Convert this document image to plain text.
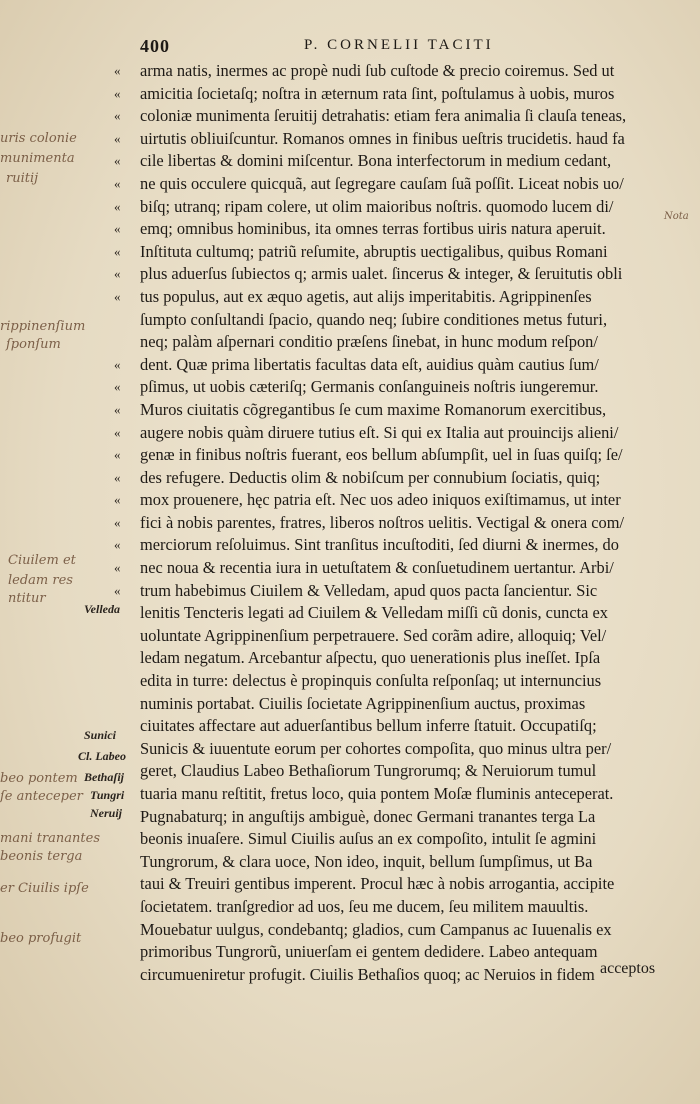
400	P. CORNELII TACITI
« arma natis, inermes ac propè nudi ſub cuſtode & precio coiremus. Sed ut
« amicitia ſocietaſq; noſtra in æternum rata ſint, poſtulamus à uobis, muros
« coloniæ munimenta ſeruitij detrahatis: etiam fera animalia ſi clauſa teneas,
« uirtutis obliuiſcuntur. Romanos omnes in finibus ueſtris trucidetis. haud fa
« cile libertas & domini miſcentur. Bona interfectorum in medium cedant,
« ne quis occulere quicquã, aut ſegregare cauſam ſuã poſſit. Liceat nobis uo/
« biſq; utranq; ripam colere, ut olim maioribus noſtris. quomodo lucem di/
« emq; omnibus hominibus, ita omnes terras fortibus uiris natura aperuit.
« Inſtituta cultumq; patriũ reſumite, abruptis uectigalibus, quibus Romani
« plus aduerſus ſubiectos q; armis ualet. ſincerus & integer, & ſeruitutis obli
« tus populus, aut ex æquo agetis, aut alijs imperitabitis. Agrippinenſes
ſumpto conſultandi ſpacio, quando neq; ſubire conditiones metus futuri,
neq; palàm aſpernari conditio præſens ſinebat, in hunc modum reſpon/
« dent. Quæ prima libertatis facultas data eſt, auidius quàm cautius ſum/
« pſimus, ut uobis cæteriſq; Germanis conſanguineis noſtris iungeremur.
« Muros ciuitatis cõgregantibus ſe cum maxime Romanorum exercitibus,
« augere nobis quàm diruere tutius eſt. Si qui ex Italia aut prouincijs alieni/
« genæ in finibus noſtris fuerant, eos bellum abſumpſit, uel in ſuas quiſq; ſe/
« des refugere. Deductis olim & nobiſcum per connubium ſociatis, quiq;
« mox prouenere, hęc patria eſt. Nec uos adeo iniquos exiſtimamus, ut inter
« fici à nobis parentes, fratres, liberos noſtros uelitis. Vectigal & onera com/
« merciorum reſoluimus. Sint tranſitus incuſtoditi, ſed diurni & inermes, do
« nec noua & recentia iura in uetuſtatem & conſuetudinem uertantur. Arbi/
« trum habebimus Ciuilem & Velledam, apud quos pacta ſancientur. Sic
lenitis Tencteris legati ad Ciuilem & Velledam miſſi cũ donis, cuncta ex
uoluntate Agrippinenſium perpetrauere. Sed corãm adire, alloquiq; Vel/
ledam negatum. Arcebantur aſpectu, quo uenerationis plus ineſſet. Ipſa
edita in turre: delectus è propinquis conſulta reſponſaq; ut internuncius
numinis portabat. Ciuilis ſocietate Agrippinenſium auctus, proximas
ciuitates affectare aut aduerſantibus bellum inferre ſtatuit. Occupatiſq;
Sunicis & iuuentute eorum per cohortes compoſita, quo minus ultra per/
geret, Claudius Labeo Bethaſiorum Tungrorumq; & Neruiorum tumul
tuaria manu reſtitit, fretus loco, quia pontem Moſæ fluminis anteceperat.
Pugnabaturq; in anguſtijs ambiguè, donec Germani tranantes terga La
beonis inuaſere. Simul Ciuilis auſus an ex compoſito, intulit ſe agmini
Tungrorum, & clara uoce, Non ideo, inquit, bellum ſumpſimus, ut Ba
taui & Treuiri gentibus imperent. Procul hæc à nobis arrogantia, accipite
ſocietatem. tranſgredior ad uos, ſeu me ducem, ſeu militem mauultis.
Mouebatur uulgus, condebantq; gladios, cum Campanus ac Iuuenalis ex
primoribus Tungrorũ, uniuerſam ei gentem dedidere. Labeo antequam
circumueniretur profugit. Ciuilis Bethaſios quoq; ac Neruios in fidem
Velleda
Sunici
Cl. Labeo
Bethaſij
Tungri
Neruij
uris colonie
munimenta
ruitij
Nota
rippinenſium
ſponſum
Ciuilem et
ledam res
ntitur
beo pontem
ſe anteceper
mani tranantes
beonis terga
er Ciuilis ipſe
beo profugit
acceptos
